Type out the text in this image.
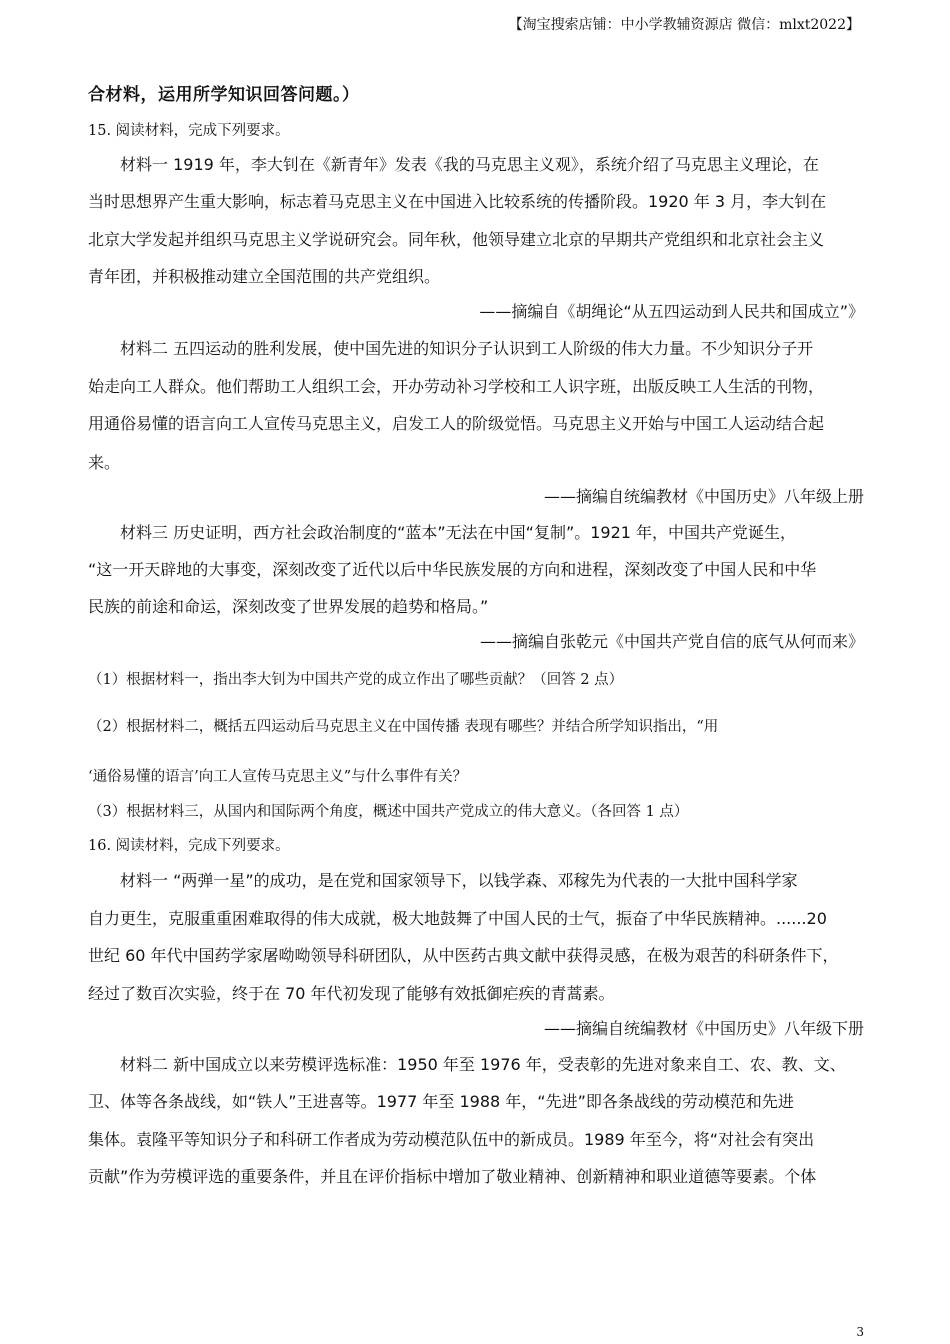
【淘宝搜索店铺：中小学教辅资源店 微信：mlxt2022】
合材料，运用所学知识回答问题。）
15. 阅读材料，完成下列要求。
材料一 1919 年，李大钊在《新青年》发表《我的马克思主义观》，系统介绍了马克思主义理论，在
当时思想界产生重大影响，标志着马克思主义在中国进入比较系统的传播阶段。1920 年 3 月，李大钊在
北京大学发起并组织马克思主义学说研究会。同年秋，他领导建立北京的早期共产党组织和北京社会主义
青年团，并积极推动建立全国范围的共产党组织。
——摘编自《胡绳论“从五四运动到人民共和国成立”》
材料二 五四运动的胜利发展，使中国先进的知识分子认识到工人阶级的伟大力量。不少知识分子开
始走向工人群众。他们帮助工人组织工会，开办劳动补习学校和工人识字班，出版反映工人生活的刊物，
用通俗易懂的语言向工人宣传马克思主义，启发工人的阶级觉悟。马克思主义开始与中国工人运动结合起
来。
——摘编自统编教材《中国历史》八年级上册
材料三 历史证明，西方社会政治制度的“蓝本”无法在中国“复制”。1921 年，中国共产党诞生，
“这一开天辟地的大事变，深刻改变了近代以后中华民族发展的方向和进程，深刻改变了中国人民和中华
民族的前途和命运，深刻改变了世界发展的趋势和格局。”
——摘编自张乾元《中国共产党自信的底气从何而来》
（1）根据材料一，指出李大钊为中国共产党的成立作出了哪些贡献？（回答 2 点）
（2）根据材料二，概括五四运动后马克思主义在中国传播 表现有哪些？并结合所学知识指出，“用
‘通俗易懂的语言’向工人宣传马克思主义”与什么事件有关？
（3）根据材料三，从国内和国际两个角度，概述中国共产党成立的伟大意义。（各回答 1 点）
16. 阅读材料，完成下列要求。
材料一 “两弹一星”的成功，是在党和国家领导下，以钱学森、邓稼先为代表的一大批中国科学家
自力更生，克服重重困难取得的伟大成就，极大地鼓舞了中国人民的士气，振奋了中华民族精神。......20
世纪 60 年代中国药学家屠呦呦领导科研团队，从中医药古典文献中获得灵感，在极为艰苦的科研条件下，
经过了数百次实验，终于在 70 年代初发现了能够有效抵御疟疾的青蒿素。
——摘编自统编教材《中国历史》八年级下册
材料二 新中国成立以来劳模评选标准：1950 年至 1976 年，受表彰的先进对象来自工、农、教、文、
卫、体等各条战线，如“铁人”王进喜等。1977 年至 1988 年，“先进”即各条战线的劳动模范和先进
集体。袁隆平等知识分子和科研工作者成为劳动模范队伍中的新成员。1989 年至今，将“对社会有突出
贡献”作为劳模评选的重要条件，并且在评价指标中增加了敬业精神、创新精神和职业道德等要素。个体
3
